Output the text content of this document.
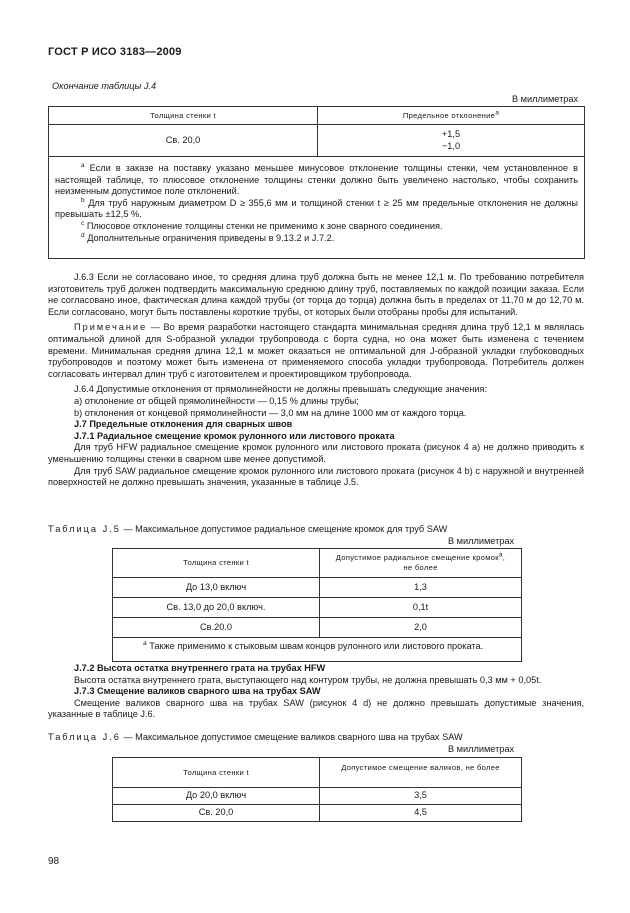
ГОСТ Р ИСО 3183—2009
Окончание таблицы J.4
В миллиметрах
Толщина стенки t	Предельное отклонение$^a$
Св. 20,0	+1,5
−1,0

$^a$ Если в заказе на поставку указано меньшее минусовое отклонение толщины стенки, чем установленное в настоящей таблице, то плюсовое отклонение толщины стенки должно быть увеличено настолько, чтобы сохранить неизменным допустимое поле отклонений.

$^b$ Для труб наружным диаметром D ≥ 355,6 мм и толщиной стенки t ≥ 25 мм предельные отклонения не должны превышать ±12,5 %.

$^c$ Плюсовое отклонение толщины стенки не применимо к зоне сварного соединения.

$^d$ Дополнительные ограничения приведены в 9.13.2 и J.7.2.	

J.6.3 Если не согласовано иное, то средняя длина труб должна быть не менее 12,1 м. По требованию потребителя изготовитель труб должен подтвердить максимальную среднюю длину труб, поставляемых по каждой позиции заказа. Если не согласовано иное, фактическая длина каждой трубы (от торца до торца) должна быть в пределах от 11,70 м до 12,70 м. Если согласовано, могут быть поставлены короткие трубы, от которых были отобраны пробы для испытаний.

Примечание — Во время разработки настоящего стандарта минимальная средняя длина труб 12,1 м являлась оптимальной длиной для S-образной укладки трубопровода с борта судна, но она может быть изменена с течением времени. Минимальная средняя длина 12,1 м может оказаться не оптимальной для J-образной укладки глубоководных трубопроводов и поэтому может быть изменена от применяемого способа укладки трубопровода. Потребитель должен согласовать интервал длин труб с изготовителем и проектировщиком трубопровода.

J.6.4 Допустимые отклонения от прямолинейности не должны превышать следующие значения:

a) отклонение от общей прямолинейности — 0,15 % длины трубы;

b) отклонения от концевой прямолинейности — 3,0 мм на длине 1000 мм от каждого торца.

J.7 Предельные отклонения для сварных швов

J.7.1 Радиальное смещение кромок рулонного или листового проката

Для труб HFW радиальное смещение кромок рулонного или листового проката (рисунок 4 а) не должно приводить к уменьшению толщины стенки в сварном шве менее допустимой.

Для труб SAW радиальное смещение кромок рулонного или листового проката (рисунок 4 b) с наружной и внутренней поверхностей не должно превышать значения, указанные в таблице J.5.

Таблица J.5 — Максимальное допустимое радиальное смещение кромок для труб SAW
В миллиметрах
Толщина стенки t	Допустимое радиальное смещение кромок$^a$,
не более

До 13,0 включ	1,3
Св. 13,0 до 20,0 включ.	0,1t
Св.20.0	2,0
$^a$ Также применимо к стыковым швам концов рулонного или листового проката.	

J.7.2 Высота остатка внутреннего грата на трубах HFW

Высота остатка внутреннего грата, выступающего над контуром трубы, не должна превышать 0,3 мм + 0,05t.

J.7.3 Смещение валиков сварного шва на трубах SAW

Смещение валиков сварного шва на трубах SAW (рисунок 4 d) не должно превышать допустимые значения, указанные в таблице J.6.

Таблица J.6 — Максимальное допустимое смещение валиков сварного шва на трубах SAW
В миллиметрах
Толщина стенки t	Допустимое смещение валиков, не более
До 20,0 включ	3,5
Св. 20,0	4,5
98
